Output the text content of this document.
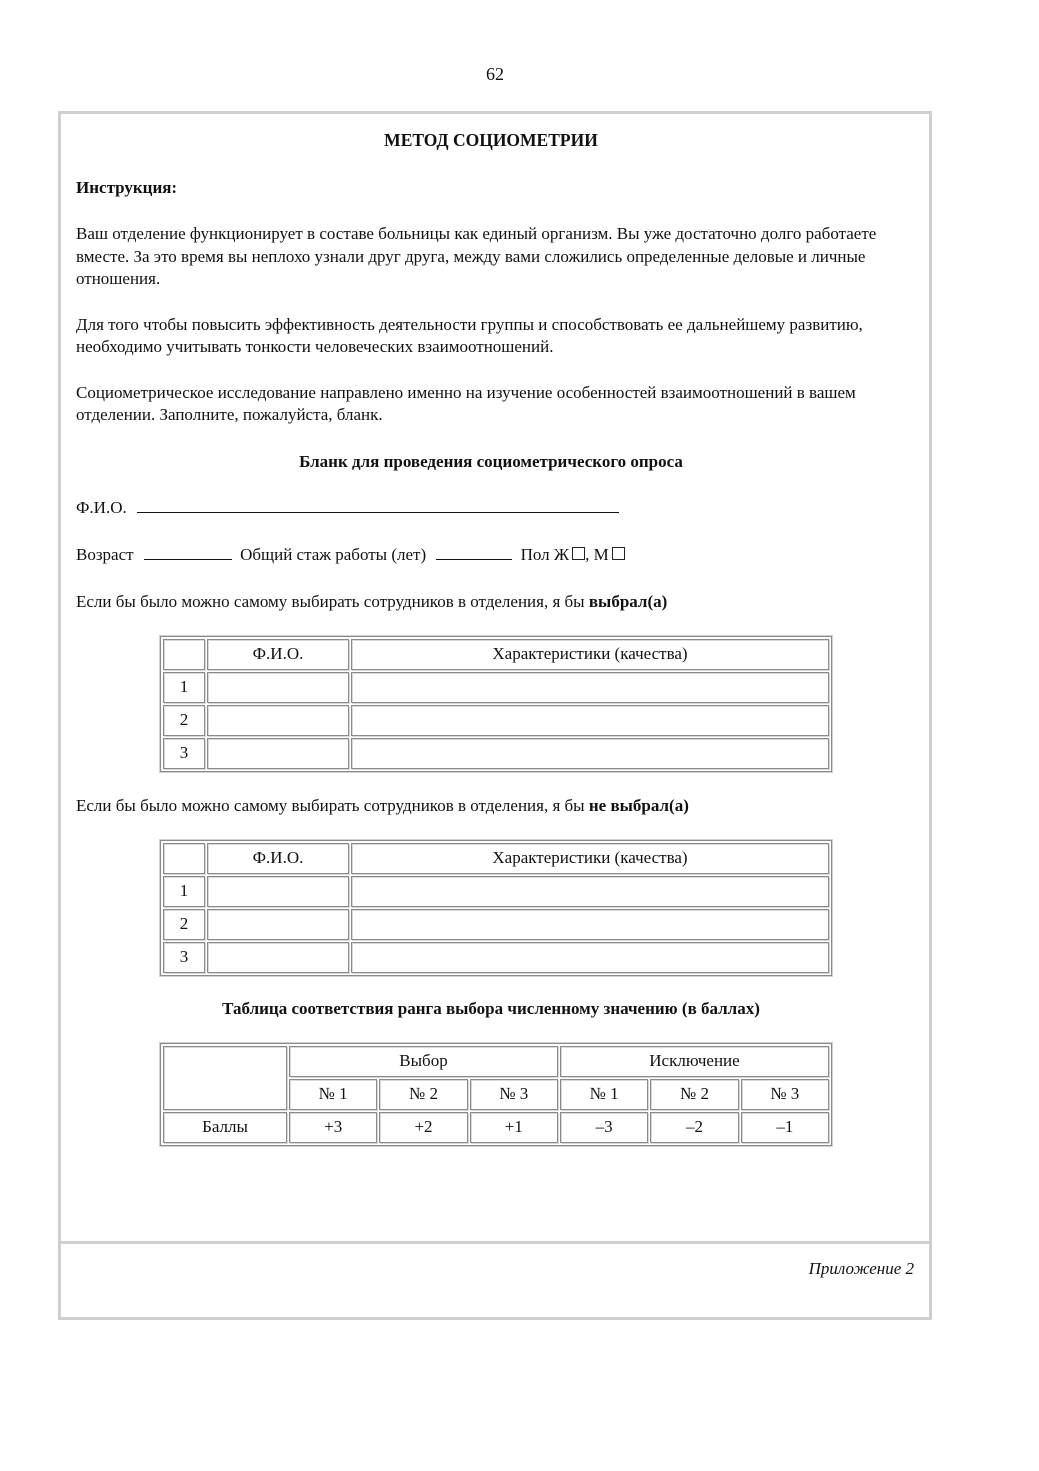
62
МЕТОД СОЦИОМЕТРИИ
Инструкция:

Ваш отделение функционирует в составе больницы как единый организм. Вы уже достаточно долго работаете вместе. За это время вы неплохо узнали друг друга, между вами сложились определенные деловые и личные отношения.

Для того чтобы повысить эффективность деятельности группы и способствовать ее дальнейшему развитию, необходимо учитывать тонкости человеческих взаимоотношений.

Социометрическое исследование направлено именно на изучение особенностей взаимоотношений в вашем отделении. Заполните, пожалуйста, бланк.

Бланк для проведения социометрического опроса
Ф.И.О.
Возраст	Общий стаж работы (лет)	Пол Ж , М
Если бы было можно самому выбирать сотрудников в отделения, я бы выбрал(а)
	Ф.И.О.	Характеристики (качества)
1		
2		
3		
Если бы было можно самому выбирать сотрудников в отделения, я бы не выбрал(а)
	Ф.И.О.	Характеристики (качества)
1		
2		
3		
Таблица соответствия ранга выбора численному значению (в баллах)
	Выбор			Исключение		
	№ 1	№ 2	№ 3	№ 1	№ 2	№ 3
Баллы	+3	+2	+1	–3	–2	–1
Приложение 2
